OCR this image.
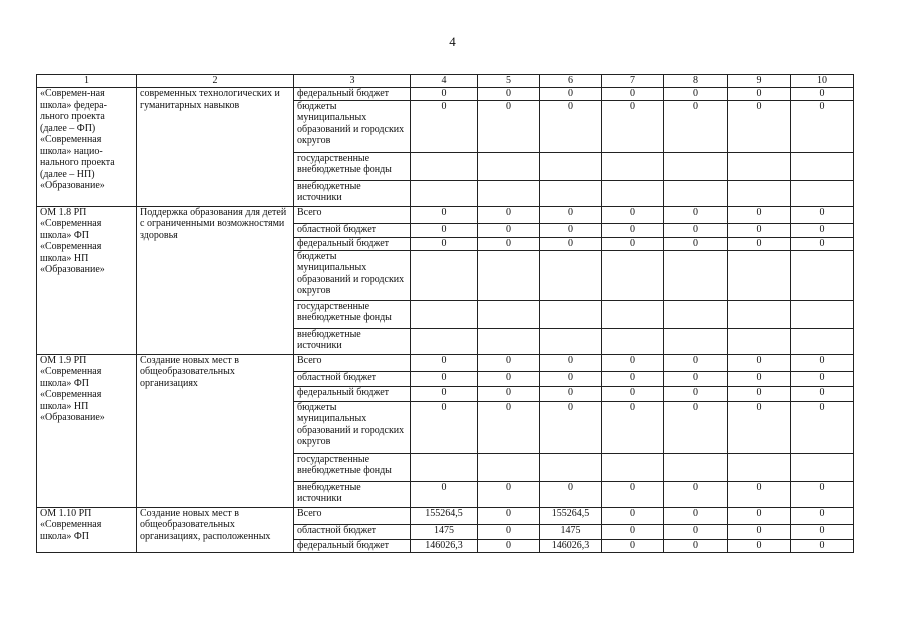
4
1	2	3	4	5	6	7	8	9	10
«Современ-ная школа» федера-льного проекта (далее – ФП) «Современная школа» нацио-нального проекта (далее – НП) «Образование»	современных технологических и гуманитарных навыков	федеральный бюджет	0	0	0	0	0	0	0
		бюджеты муниципальных образований и городских округов	0	0	0	0	0	0	0
		государственные внебюджетные фонды							
		внебюджетные источники							
ОМ 1.8 РП «Современная школа» ФП «Современная школа» НП «Образование»	Поддержка образования для детей с ограниченными возможностями здоровья	Всего	0	0	0	0	0	0	0
		областной бюджет	0	0	0	0	0	0	0
		федеральный бюджет	0	0	0	0	0	0	0
		бюджеты муниципальных образований и городских округов							
		государственные внебюджетные фонды							
		внебюджетные источники							
ОМ 1.9 РП «Современная школа» ФП «Современная школа» НП «Образование»	Создание новых мест в общеобразовательных организациях	Всего	0	0	0	0	0	0	0
		областной бюджет	0	0	0	0	0	0	0
		федеральный бюджет	0	0	0	0	0	0	0
		бюджеты муниципальных образований и городских округов	0	0	0	0	0	0	0
		государственные внебюджетные фонды							
		внебюджетные источники	0	0	0	0	0	0	0
ОМ 1.10 РП «Современная школа» ФП	Создание новых мест в общеобразовательных организациях, расположенных	Всего	155264,5	0	155264,5	0	0	0	0
		областной бюджет	1475	0	1475	0	0	0	0
		федеральный бюджет	146026,3	0	146026,3	0	0	0	0
